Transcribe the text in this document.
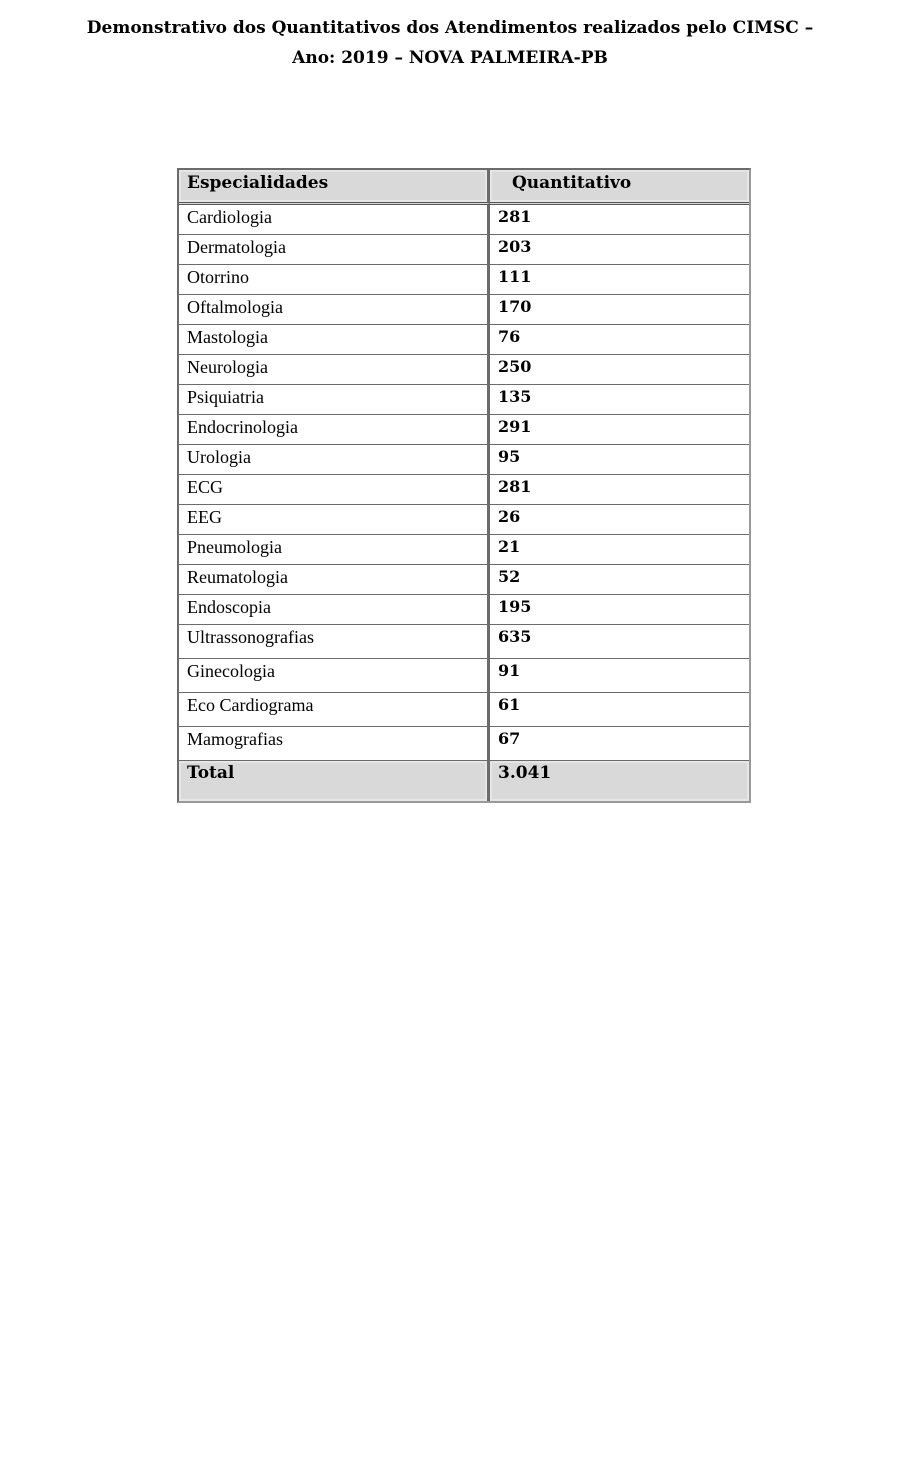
Demonstrativo dos Quantitativos dos Atendimentos realizados pelo CIMSC –

Ano: 2019 – NOVA PALMEIRA-PB

Especialidades	Quantitativo
Cardiologia	281
Dermatologia	203
Otorrino	111
Oftalmologia	170
Mastologia	76
Neurologia	250
Psiquiatria	135
Endocrinologia	291
Urologia	95
ECG	281
EEG	26
Pneumologia	21
Reumatologia	52
Endoscopia	195
Ultrassonografias	635
Ginecologia	91
Eco Cardiograma	61
Mamografias	67
Total	3.041
